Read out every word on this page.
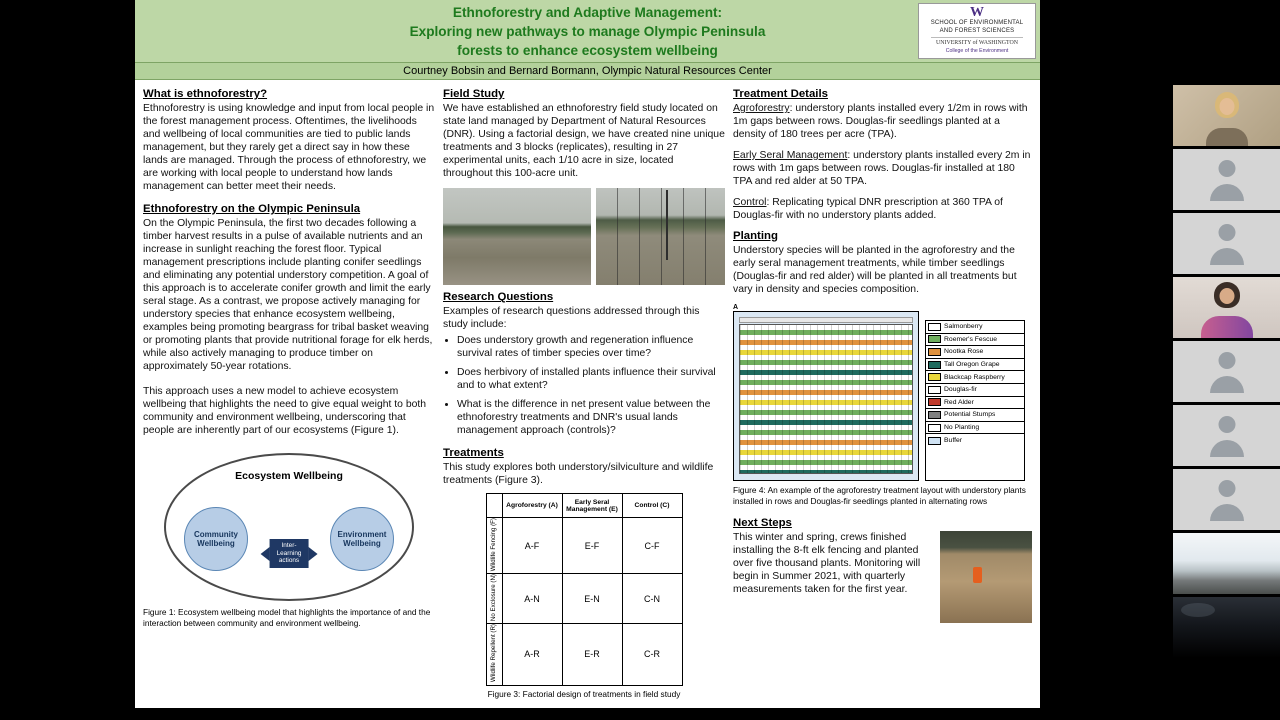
Ethnoforestry and Adaptive Management:
Exploring new pathways to manage Olympic Peninsula
forests to enhance ecosystem wellbeing
W
SCHOOL OF ENVIRONMENTAL
AND FOREST SCIENCES
UNIVERSITY of WASHINGTON
College of the Environment
Courtney Bobsin and Bernard Bormann, Olympic Natural Resources Center
What is ethnoforestry?

Ethnoforestry is using knowledge and input from local people in the forest management process. Oftentimes, the livelihoods and wellbeing of local communities are tied to public lands management, but they rarely get a direct say in how these lands are managed. Through the process of ethnoforestry, we are working with local people to understand how lands management can better meet their needs.

Ethnoforestry on the Olympic Peninsula

On the Olympic Peninsula, the first two decades following a timber harvest results in a pulse of available nutrients and an increase in sunlight reaching the forest floor. Typical management prescriptions include planting conifer seedlings and eliminating any potential understory competition. A goal of this approach is to accelerate conifer growth and limit the early seral stage. As a contrast, we propose actively managing for understory species that enhance ecosystem wellbeing, examples being promoting beargrass for tribal basket weaving or promoting plants that provide nutritional forage for elk herds, while also actively managing to produce timber on approximately 50-year rotations.

This approach uses a new model to achieve ecosystem wellbeing that highlights the need to give equal weight to both community and environment wellbeing, underscoring that people are inherently part of our ecosystems (Figure 1).

Ecosystem Wellbeing
Community Wellbeing
Environment Wellbeing
Inter-
Learning
actions
Figure 1: Ecosystem wellbeing model that highlights the importance of and the interaction between community and environment wellbeing.
Field Study

We have established an ethnoforestry field study located on state land managed by Department of Natural Resources (DNR). Using a factorial design, we have created nine unique treatments and 3 blocks (replicates), resulting in 27 experimental units, each 1/10 acre in size, located throughout this 100-acre unit.

Research Questions

Examples of research questions addressed through this study include:

• Does understory growth and regeneration influence survival rates of timber species over time?
• Does herbivory of installed plants influence their survival and to what extent?
• What is the difference in net present value between the ethnoforestry treatments and DNR's usual lands management approach (controls)?
Treatments

This study explores both understory/silviculture and wildlife treatments (Figure 3).

	Agroforestry (A)	Early Seral Management (E)	Control (C)
Wildlife Fencing (F)	A-F	E-F	C-F
No Exclosure (N)	A-N	E-N	C-N
Wildlife Repellent (R)	A-R	E-R	C-R
Figure 3: Factorial design of treatments in field study
Treatment Details

Agroforestry: understory plants installed every 1/2m in rows with 1m gaps between rows. Douglas-fir seedlings planted at a density of 180 trees per acre (TPA).

Early Seral Management: understory plants installed every 2m in rows with 1m gaps between rows. Douglas-fir installed at 180 TPA and red alder at 50 TPA.

Control: Replicating typical DNR prescription at 360 TPA of Douglas-fir with no understory plants added.

Planting

Understory species will be planted in the agroforestry and the early seral management treatments, while timber seedlings (Douglas-fir and red alder) will be planted in all treatments but vary in density and species composition.

A
Salmonberry
Roemer's Fescue
Nootka Rose
Tall Oregon Grape
Blackcap Raspberry
Douglas-fir
Red Alder
Potential Stumps
No Planting
Buffer
Figure 4: An example of the agroforestry treatment layout with understory plants installed in rows and Douglas-fir seedlings planted in alternating rows
Next Steps

This winter and spring, crews finished installing the 8-ft elk fencing and planted over five thousand plants. Monitoring will begin in Summer 2021, with quarterly measurements taken for the first year.
